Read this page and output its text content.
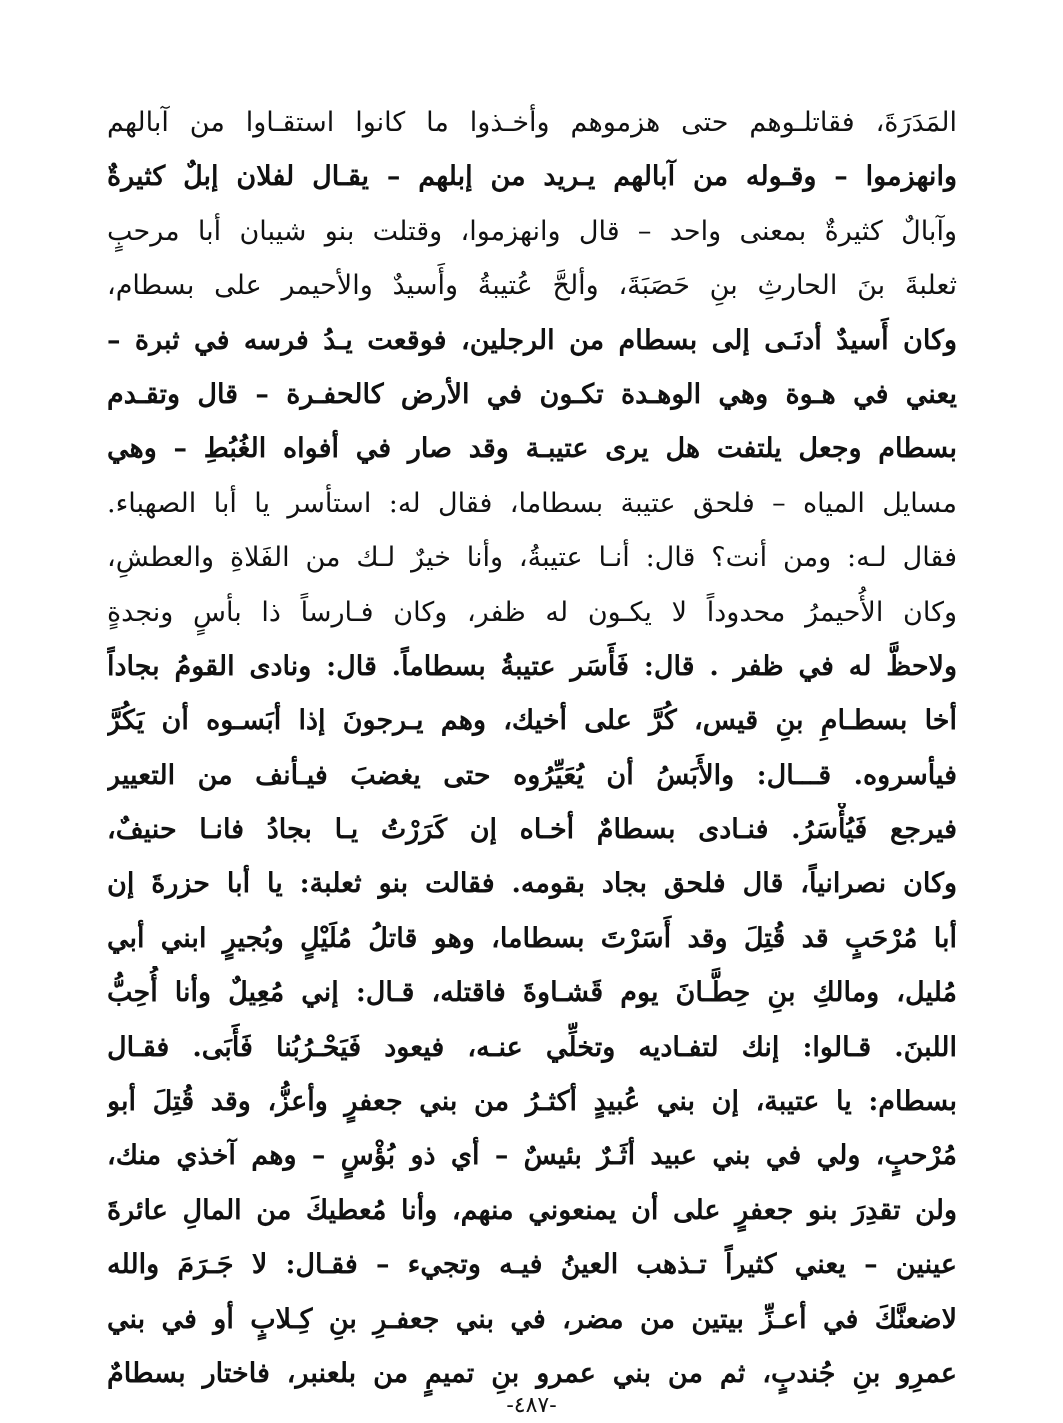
المَدَرَةَ، فقاتلـوهم حتى هزموهم وأخـذوا ما كانوا استقـاوا من آبالهم
وانهزموا – وقـوله من آبالهم يـريد من إبلهم – يقـال لفلان إبلٌ كثيرةٌ
وآبالٌ كثيرةٌ بمعنى واحد – قال وانهزموا، وقتلت بنو شيبان أبا مرحبٍ
ثعلبةَ بنَ الحارثِ بنِ حَصَبَةَ، وألحَّ عُتيبةُ وأَسيدٌ والأحيمر على بسطام،
وكان أَسيدٌ أدنَـى إلى بسطام من الرجلين، فوقعت يـدُ فرسه في ثبرة –
يعني في هـوة وهي الوهـدة تكـون في الأرض كالحفـرة – قال وتقـدم
بسطام وجعل يلتفت هل يرى عتيبـة وقد صار في أفواه الغُبُطِ – وهي
مسايل المياه – فلحق عتيبة بسطاما، فقال له: استأسر يا أبا الصهباء.
فقال لـه: ومن أنت؟ قال: أنـا عتيبةُ، وأنا خيرٌ لـك من الفَلاةِ والعطشِ،
وكان الأُحيمرُ محدوداً لا يكـون له ظفر، وكان فـارساً ذا بأسٍ ونجدةٍ
ولاحظَّ له في ظفر . قال: فَأَسَر عتيبةُ بسطاماً. قال: ونادى القومُ بجاداً
أخا بسطـامِ بنِ قيس، كُرَّ على أخيك، وهم يـرجونَ إذا أبَسـوه أن يَكُرَّ
فيأسروه. قـــال: والأَبَسُ أن يُعَيِّرُوه حتى يغضبَ فيـأنف من التعيير
فيرجع فَيُأْسَرُ. فنـادى بسطامٌ أخـاه إن كَرَرْتُ يـا بجادُ فانـا حنيفٌ،
وكان نصرانياً، قال فلحق بجاد بقومه. فقالت بنو ثعلبة: يا أبا حزرةَ إن
أبا مُرْحَبٍ قد قُتِلَ وقد أَسَرْتَ بسطاما، وهو قاتلُ مُلَيْلٍ وبُجيرٍ ابني أبي
مُليل، ومالكِ بنِ حِطَّـانَ يوم قَشـاوةَ فاقتله، قـال: إني مُعِيلٌ وأنا أُحِبُّ
اللبنَ. قـالوا: إنك لتفـاديه وتخلِّي عنـه، فيعود فَيَحْـرُبُنا فَأَبَى. فقـال
بسطام: يا عتيبة، إن بني عُبيدٍ أكثـرُ من بني جعفرٍ وأعزُّ، وقد قُتِلَ أبو
مُرْحبٍ، ولي في بني عبيد أثَـرٌ بئيسٌ – أي ذو بُؤْسٍ – وهم آخذي منك،
ولن تقدِرَ بنو جعفرٍ على أن يمنعوني منهم، وأنا مُعطيكَ من المالِ عائرةَ
عينين – يعني كثيراً تـذهب العينُ فيـه وتجيء – فقـال: لا جَـرَمَ والله
لاضعنَّكَ في أعـزِّ بيتين من مضر، في بني جعفـرِ بنِ كِـلابٍ أو في بني
عمرِو بنِ جُندبٍ، ثم من بني عمرو بنِ تميمٍ من بلعنبر، فاختار بسطامٌ
-٤٨٧-
